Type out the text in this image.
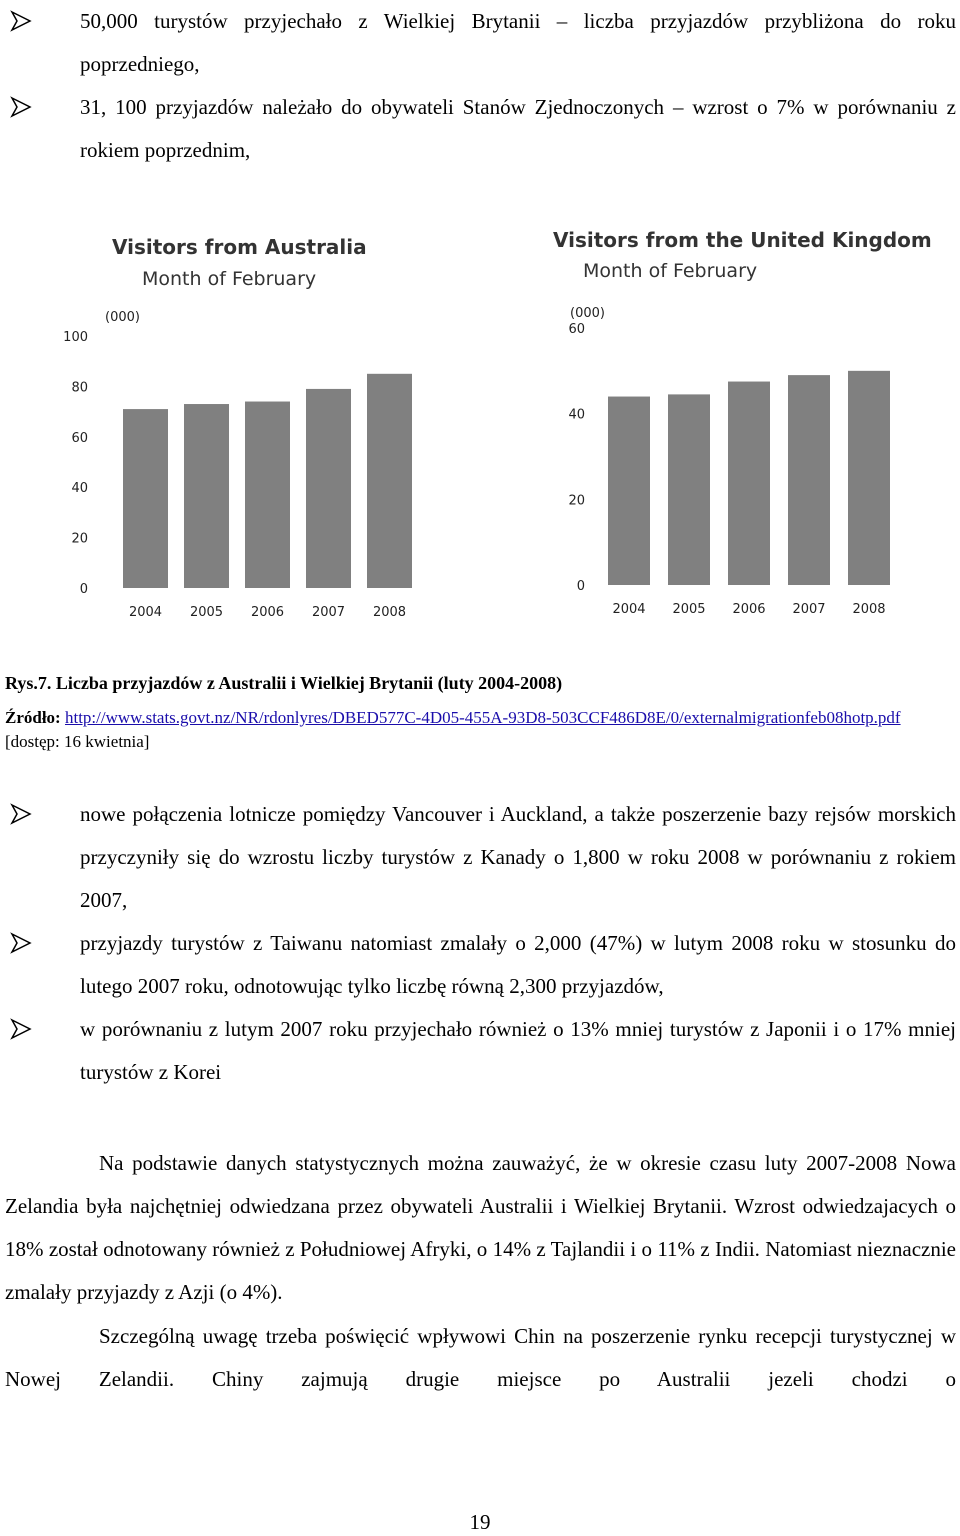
50,000 turystów przyjechało z Wielkiej Brytanii – liczba przyjazdów przybliżona do roku poprzedniego,
31, 100 przyjazdów należało do obywateli Stanów Zjednoczonych – wzrost o 7% w porównaniu z rokiem poprzednim,
Visitors from Australia
Month of February
(000)
0
20
40
60
80
100
2004 2005 2006 2007 2008
Visitors from the United Kingdom
Month of February
(000)
0
20
40
60
2004 2005 2006 2007 2008
Rys.7. Liczba przyjazdów z Australii i Wielkiej Brytanii (luty 2004-2008)
Źródło: http://www.stats.govt.nz/NR/rdonlyres/DBED577C-4D05-455A-93D8-503CCF486D8E/0/externalmigrationfeb08hotp.pdf [dostęp: 16 kwietnia]
nowe połączenia lotnicze pomiędzy Vancouver i Auckland, a także poszerzenie bazy rejsów morskich przyczyniły się do wzrostu liczby turystów z Kanady o 1,800 w roku 2008 w porównaniu z rokiem 2007,
przyjazdy turystów z Taiwanu natomiast zmalały o 2,000 (47%) w lutym 2008 roku w stosunku do lutego 2007 roku, odnotowując tylko liczbę równą 2,300 przyjazdów,
w porównaniu z lutym 2007 roku przyjechało również o 13% mniej turystów z Japonii i o 17% mniej turystów z Korei
Na podstawie danych statystycznych można zauważyć, że w okresie czasu luty 2007-2008 Nowa Zelandia była najchętniej odwiedzana przez obywateli Australii i Wielkiej Brytanii. Wzrost odwiedzajacych o 18% został odnotowany również z Południowej Afryki, o 14% z Tajlandii i o 11% z Indii. Natomiast nieznacznie zmalały przyjazdy z Azji (o 4%).
Szczególną uwagę trzeba poświęcić wpływowi Chin na poszerzenie rynku recepcji turystycznej w Nowej Zelandii. Chiny zajmują drugie miejsce po Australii jezeli chodzi o
19
